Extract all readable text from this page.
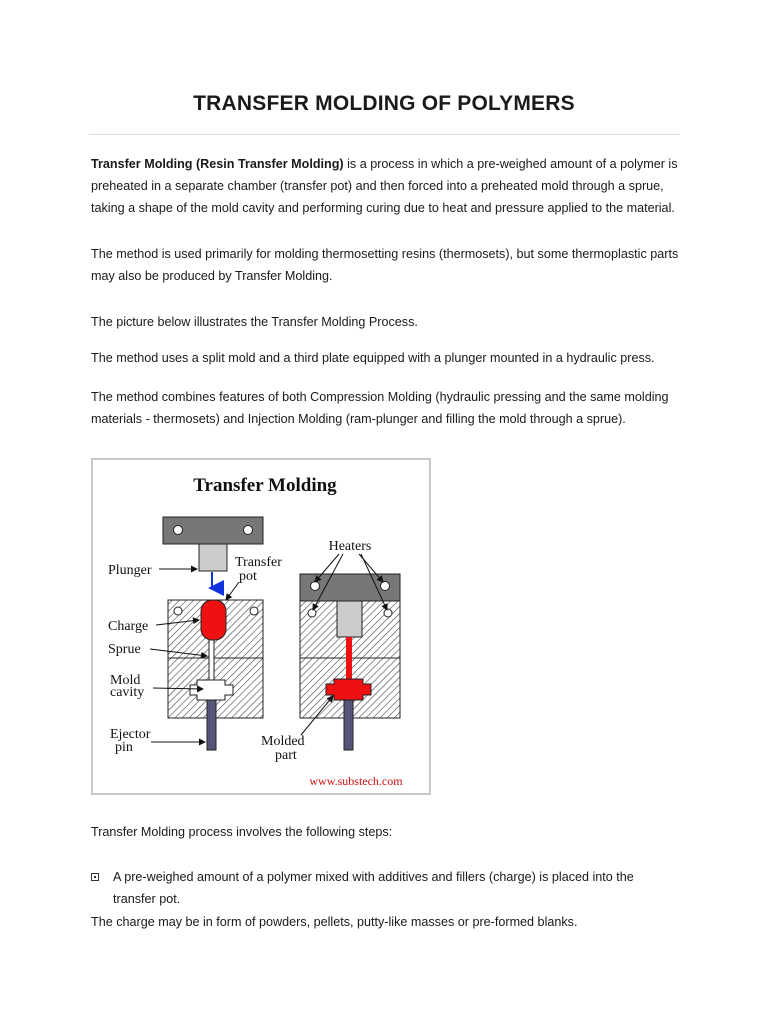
TRANSFER MOLDING OF POLYMERS

Transfer Molding (Resin Transfer Molding) is a process in which a pre-weighed amount of a polymer is preheated in a separate chamber (transfer pot) and then forced into a preheated mold through a sprue, taking a shape of the mold cavity and performing curing due to heat and pressure applied to the material.

The method is used primarily for molding thermosetting resins (thermosets), but some thermoplastic parts may also be produced by Transfer Molding.

The picture below illustrates the Transfer Molding Process.

The method uses a split mold and a third plate equipped with a plunger mounted in a hydraulic press.

The method combines features of both Compression Molding (hydraulic pressing and the same molding materials - thermosets) and Injection Molding (ram-plunger and filling the mold through a sprue).

Transfer Molding
Plunger
Transfer
pot
Charge
Sprue
Mold
cavity
Ejector
pin
Heaters
Molded
part
www.substech.com

Transfer Molding process involves the following steps:

A pre-weighed amount of a polymer mixed with additives and fillers (charge) is placed into the transfer pot.

The charge may be in form of powders, pellets, putty-like masses or pre-formed blanks.
